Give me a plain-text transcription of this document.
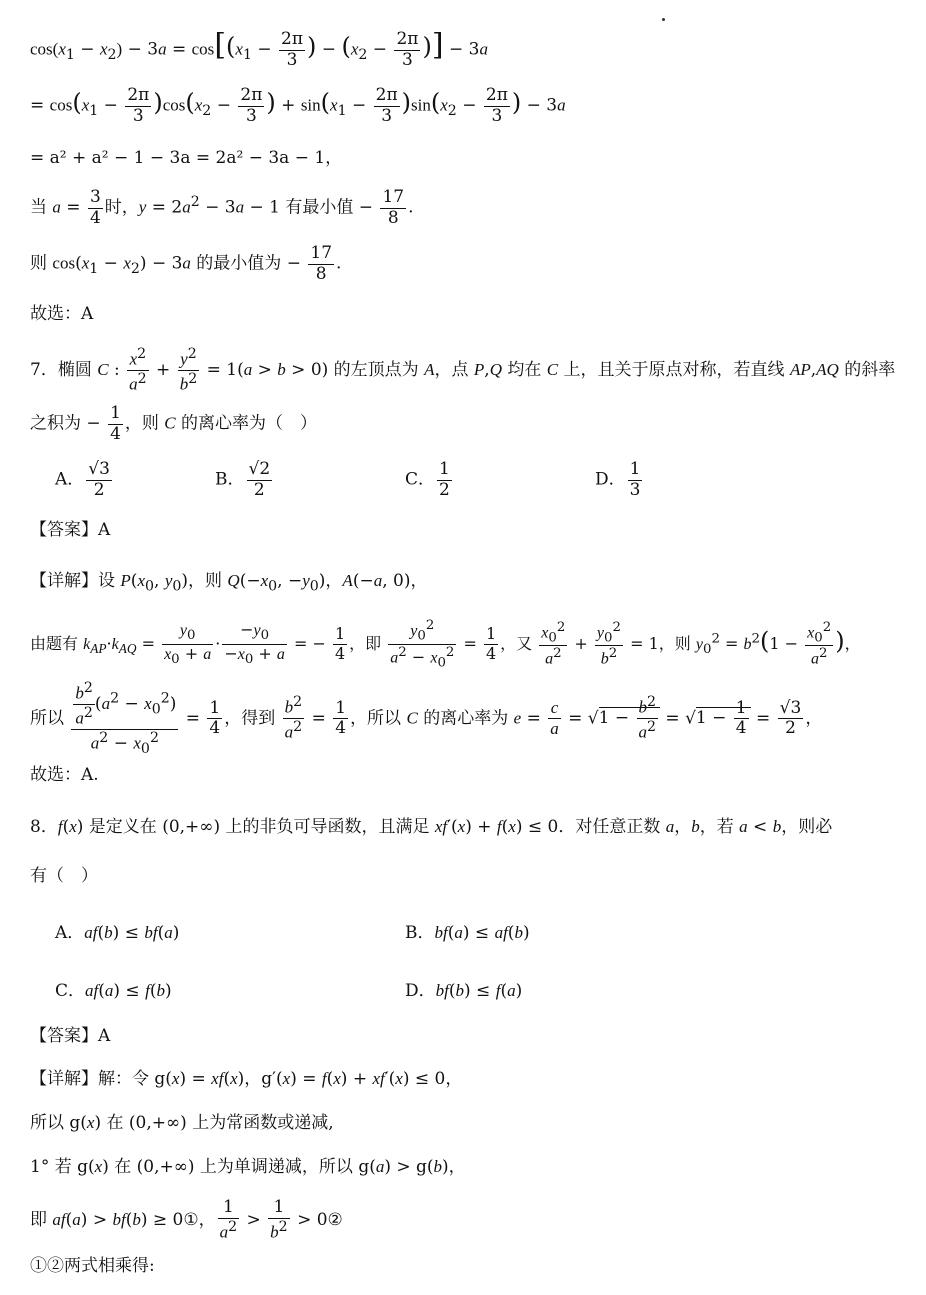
$\cos(x_1 - x_2) - 3a = \cos[(x_1 - \frac{2\pi}{3}$ ) − ($x_2 - \frac{2\pi}{3}$ )] − 3a
= $\cos(x_1 - \frac{2\pi}{3} )\cos(x_2 - \frac{2\pi}{3}$ ) + $\sin(x_1 - \frac{2\pi}{3} )\sin(x_2 - \frac{2\pi}{3}$ ) − 3a
= a² + a² − 1 − 3a = 2a² − 3a − 1，
当 $a = \frac{3}{4}$ 时，$y = 2a^2 - 3a - 1$ 有最小值 − $\frac{17}{8}$ .
则 $\cos(x_1 - x_2) - 3a$ 的最小值为 − $\frac{17}{8}$ .
故选：A
7．椭圆 C : $\frac{x^2}{a^2} + \frac{y^2}{b^2} = 1(a > b > 0)$ 的左顶点为 A，点 P,Q 均在 C 上，且关于原点对称，若直线 AP,AQ 的斜率
之积为 − $\frac{1}{4}$ ，则 C 的离心率为（　）
A． $\frac{√3}{2}$	B． $\frac{√2}{2}$	C． $\frac{1}{2}$	D． $\frac{1}{3}$
【答案】A
【详解】设 $P(x_0$, $y_0$)，则 $Q(-x_0$, $-y_0$)，A(−a, 0)，
由题有 $k_{AP}\cdot k_{AQ} = \frac{y_0}{x_0 + a} \cdot \frac{-y_0}{-x_0 + a}$ = − $\frac{1}{4}$ ，即 $\frac{y_0^2}{a^2 - x_0^2} = \frac{1}{4}$ ，又 $\frac{x_0^2}{a^2} + \frac{y_0^2}{b^2} = 1$，则 $y_0^2 = b^2(1 - \frac{x_0^2}{a^2}$ )，
所以 $\frac{\frac{b^2}{a^2} (a^2 - x_0^2)}{a^2 - x_0^2} = \frac{1}{4}$ ，得到 $\frac{b^2}{a^2} = \frac{1}{4}$ ，所以 C 的离心率为 $e = \frac{c}{a} = √1 - \frac{b^2}{a^2} = √1 - \frac{1}{4} = \frac{√3}{2}$ ，
故选：A.
8．f(x) 是定义在 (0,+∞) 上的非负可导函数，且满足 xf′(x) + f(x) ≤ 0．对任意正数 a，b，若 a < b，则必
有（　）
A．af(b) ≤ bf(a)	B．bf(a) ≤ af(b)
C．af(a) ≤ f(b)	D．bf(b) ≤ f(a)
【答案】A
【详解】解：令 g(x) = xf(x)，g′(x) = f(x) + xf′(x) ≤ 0，
所以 g(x) 在 (0,+∞) 上为常函数或递减,
1° 若 g(x) 在 (0,+∞) 上为单调递减，所以 g(a) > g(b)，
即 af(a) > bf(b) ≥ 0①， $\frac{1}{a^2} > \frac{1}{b^2}$ > 0②
①②两式相乘得:
